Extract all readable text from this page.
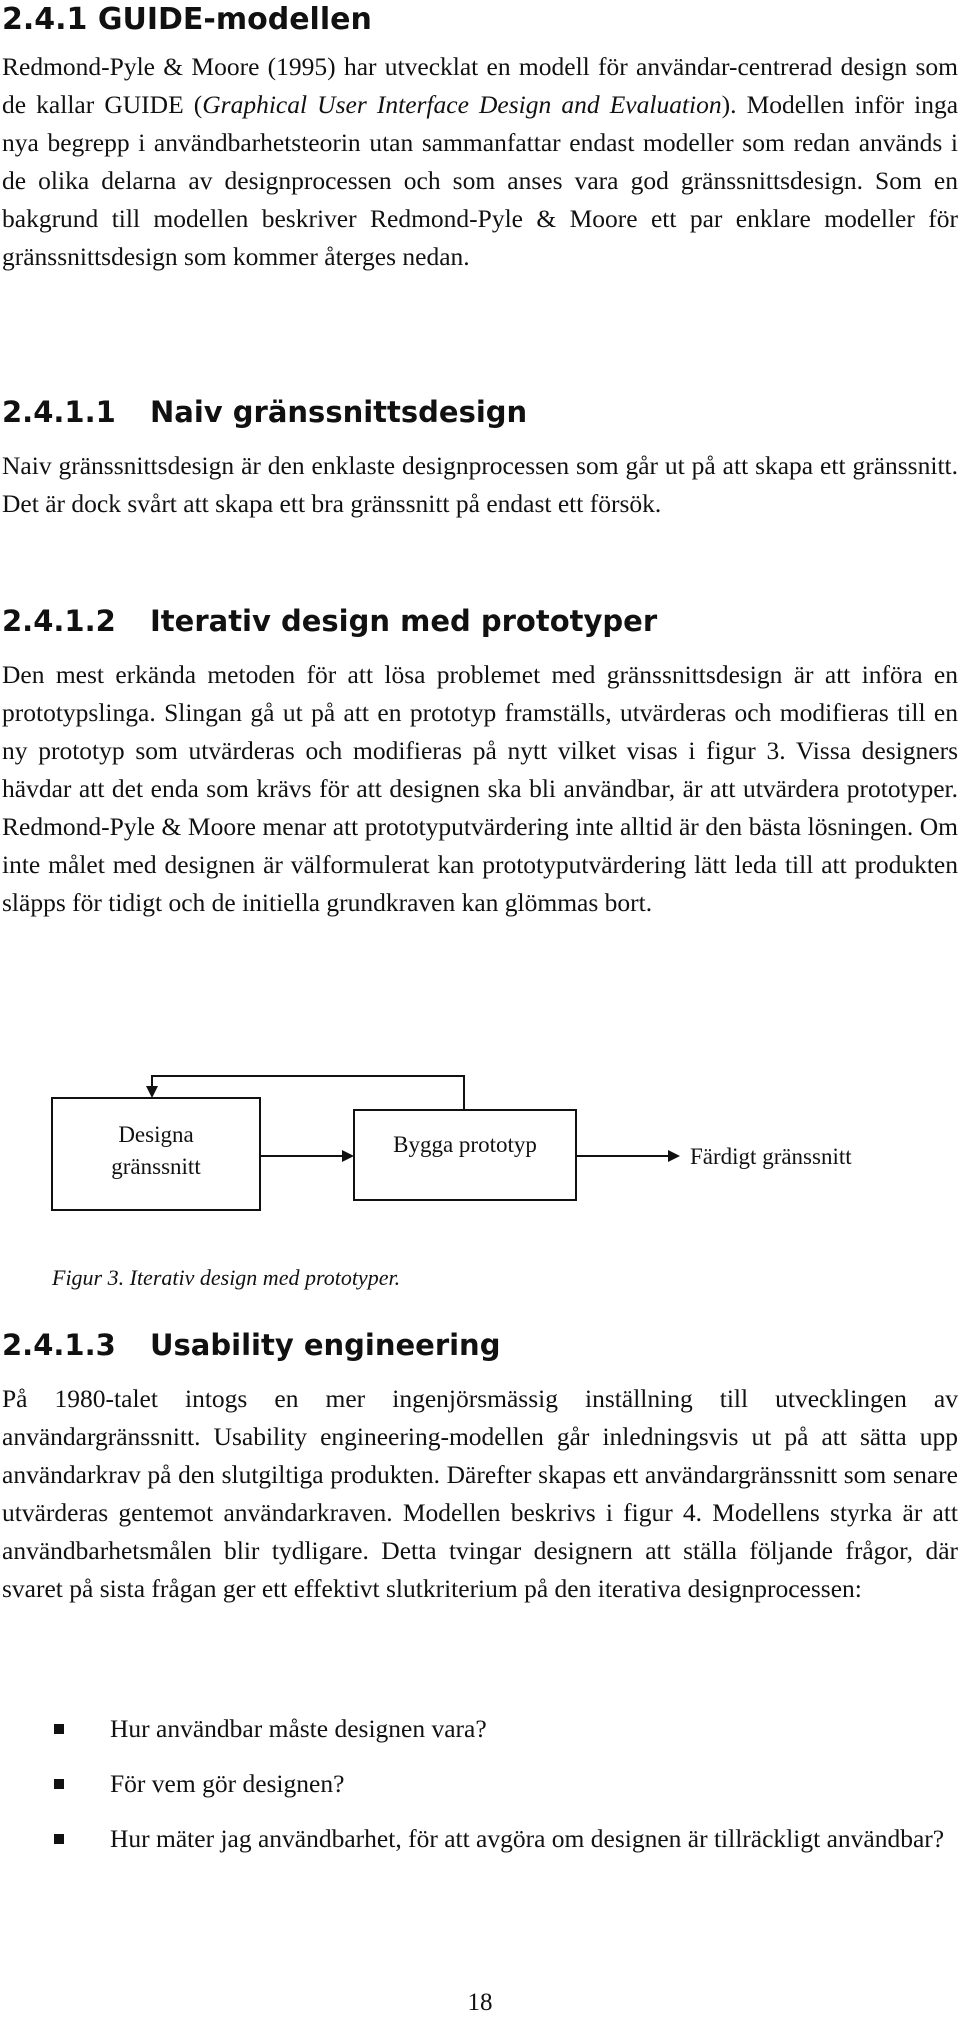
2.4.1 GUIDE-modellen

Redmond-Pyle & Moore (1995) har utvecklat en modell för användar-centrerad design som de kallar GUIDE (Graphical User Interface Design and Evaluation). Modellen inför inga nya begrepp i användbarhetsteorin utan sammanfattar endast modeller som redan används i de olika delarna av designprocessen och som anses vara god gränssnittsdesign. Som en bakgrund till modellen beskriver Redmond-Pyle & Moore ett par enklare modeller för gränssnittsdesign som kommer återges nedan.

2.4.1.1 Naiv gränssnittsdesign

Naiv gränssnittsdesign är den enklaste designprocessen som går ut på att skapa ett gränssnitt. Det är dock svårt att skapa ett bra gränssnitt på endast ett försök.

2.4.1.2 Iterativ design med prototyper

Den mest erkända metoden för att lösa problemet med gränssnittsdesign är att införa en prototypslinga. Slingan gå ut på att en prototyp framställs, utvärderas och modifieras till en ny prototyp som utvärderas och modifieras på nytt vilket visas i figur 3. Vissa designers hävdar att det enda som krävs för att designen ska bli användbar, är att utvärdera prototyper. Redmond-Pyle & Moore menar att prototyputvärdering inte alltid är den bästa lösningen. Om inte målet med designen är välformulerat kan prototyputvärdering lätt leda till att produkten släpps för tidigt och de initiella grundkraven kan glömmas bort.

Designa
gränssnitt
Bygga prototyp	Färdigt gränssnitt

Figur 3. Iterativ design med prototyper.

2.4.1.3 Usability engineering

På 1980-talet intogs en mer ingenjörsmässig inställning till utvecklingen av användargränssnitt. Usability engineering-modellen går inledningsvis ut på att sätta upp användarkrav på den slutgiltiga produkten. Därefter skapas ett användargränssnitt som senare utvärderas gentemot användarkraven. Modellen beskrivs i figur 4. Modellens styrka är att användbarhetsmålen blir tydligare. Detta tvingar designern att ställa följande frågor, där svaret på sista frågan ger ett effektivt slutkriterium på den iterativa designprocessen:

Hur användbar måste designen vara?
För vem gör designen?
Hur mäter jag användbarhet, för att avgöra om designen är tillräckligt användbar?

18
